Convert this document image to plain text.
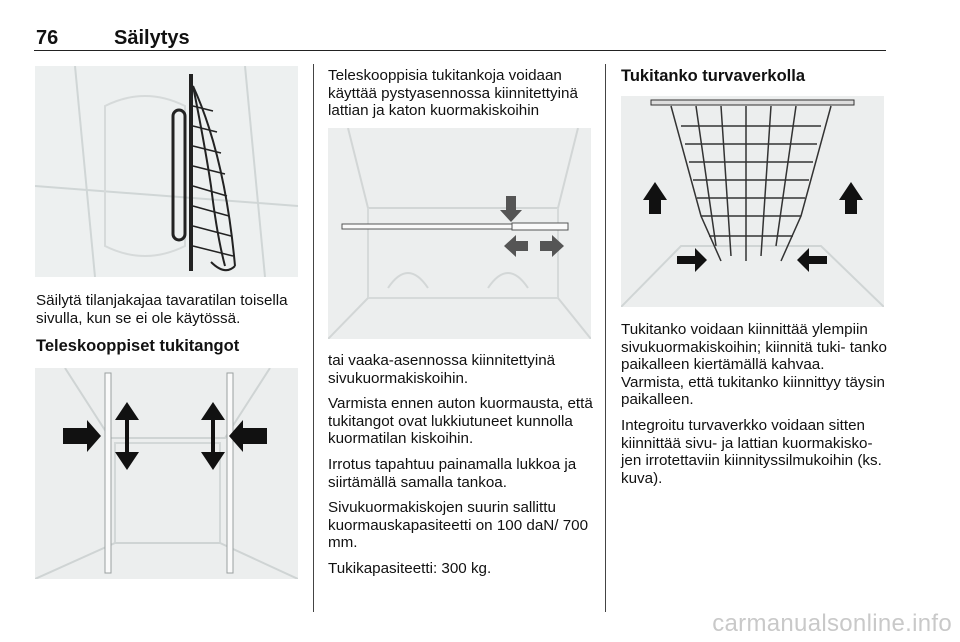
76	Säilytys

Säilytä tilanjakajaa tavaratilan toisella sivulla, kun se ei ole käytössä.

Teleskooppiset tukitangot

Teleskooppisia tukitankoja voidaan käyttää pystyasennossa kiinnitettyinä lattian ja katon kuormakiskoihin

tai vaaka-asennossa kiinnitettyinä sivukuormakiskoihin.

Varmista ennen auton kuormausta, että tukitangot ovat lukkiutuneet kunnolla kuormatilan kiskoihin.

Irrotus tapahtuu painamalla lukkoa ja siirtämällä samalla tankoa.

Sivukuormakiskojen suurin sallittu kuormauskapasiteetti on 100 daN/ 700 mm.

Tukikapasiteetti: 300 kg.

Tukitanko turvaverkolla

Tukitanko voidaan kiinnittää ylempiin sivukuormakiskoihin; kiinnitä tuki- tanko paikalleen kiertämällä kahvaa. Varmista, että tukitanko kiinnittyy täysin paikalleen.

Integroitu turvaverkko voidaan sitten kiinnittää sivu- ja lattian kuormakisko- jen irrotettaviin kiinnityssilmukoihin (ks. kuva).

carmanualsonline.info
